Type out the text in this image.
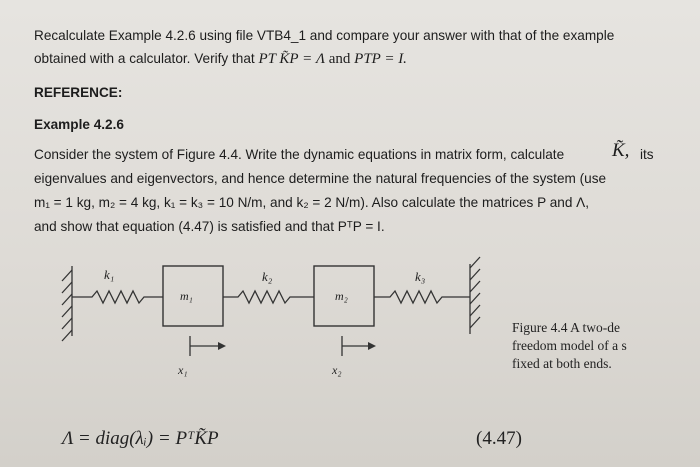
Recalculate Example 4.2.6 using file VTB4_1 and compare your answer with that of the example
obtained with a calculator. Verify that PT K̃P = Λ and PTP = I.
REFERENCE:
Example 4.2.6
Consider the system of Figure 4.4. Write the dynamic equations in matrix form, calculate	K̃, its
eigenvalues and eigenvectors, and hence determine the natural frequencies of the system (use
m₁ = 1 kg, m₂ = 4 kg, k₁ = k₃ = 10 N/m, and k₂ = 2 N/m). Also calculate the matrices P and Λ,
and show that equation (4.47) is satisfied and that PᵀP = I.
k₁
m₁
k₂
m₂
k₃
x₁	x₂
Figure 4.4 A two-de
freedom model of a s
fixed at both ends.
Λ = diag(λᵢ) = PᵀK̃P	(4.47)
